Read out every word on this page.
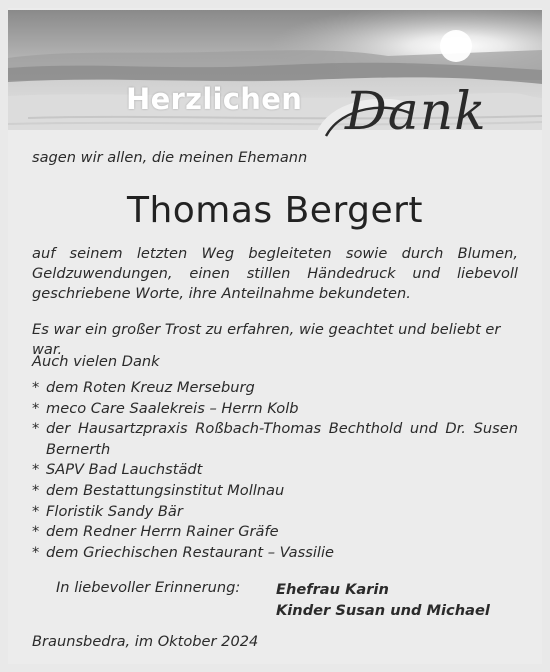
Herzlichen Dank
sagen wir allen, die meinen Ehemann
Thomas Bergert
auf seinem letzten Weg begleiteten sowie durch Blumen, Geldzuwendungen, einen stillen Händedruck und liebevoll geschriebene Worte, ihre Anteilnahme bekundeten.
Es war ein großer Trost zu erfahren, wie geachtet und beliebt er war.
Auch vielen Dank
* dem Roten Kreuz Merseburg
* meco Care Saalekreis – Herrn Kolb
* der Hausartzpraxis Roßbach-Thomas Bechthold und Dr. Susen Bernerth
* SAPV Bad Lauchstädt
* dem Bestattungsinstitut Mollnau
* Floristik Sandy Bär
* dem Redner Herrn Rainer Gräfe
* dem Griechischen Restaurant – Vassilie
In liebevoller Erinnerung: Ehefrau Karin
Kinder Susan und Michael
Braunsbedra, im Oktober 2024
